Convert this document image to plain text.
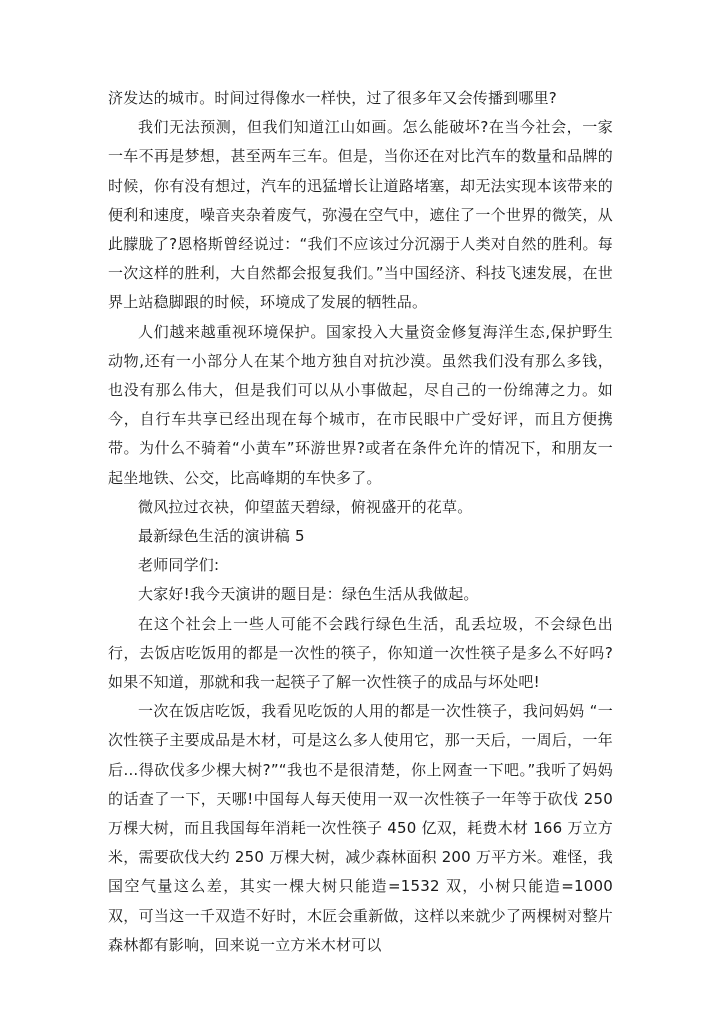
济发达的城市。时间过得像水一样快，过了很多年又会传播到哪里?

我们无法预测，但我们知道江山如画。怎么能破坏?在当今社会，一家一车不再是梦想，甚至两车三车。但是，当你还在对比汽车的数量和品牌的时候，你有没有想过，汽车的迅猛增长让道路堵塞，却无法实现本该带来的便利和速度，噪音夹杂着废气，弥漫在空气中，遮住了一个世界的微笑，从此朦胧了?恩格斯曾经说过：“我们不应该过分沉溺于人类对自然的胜利。每一次这样的胜利，大自然都会报复我们。”当中国经济、科技飞速发展，在世界上站稳脚跟的时候，环境成了发展的牺牲品。

人们越来越重视环境保护。国家投入大量资金修复海洋生态,保护野生动物,还有一小部分人在某个地方独自对抗沙漠。虽然我们没有那么多钱，也没有那么伟大，但是我们可以从小事做起，尽自己的一份绵薄之力。如今，自行车共享已经出现在每个城市，在市民眼中广受好评，而且方便携带。为什么不骑着“小黄车”环游世界?或者在条件允许的情况下，和朋友一起坐地铁、公交，比高峰期的车快多了。

微风拉过衣袂，仰望蓝天碧绿，俯视盛开的花草。

最新绿色生活的演讲稿 5

老师同学们:

大家好!我今天演讲的题目是：绿色生活从我做起。

在这个社会上一些人可能不会践行绿色生活，乱丢垃圾，不会绿色出行，去饭店吃饭用的都是一次性的筷子，你知道一次性筷子是多么不好吗?如果不知道，那就和我一起筷子了解一次性筷子的成品与坏处吧!

一次在饭店吃饭，我看见吃饭的人用的都是一次性筷子，我问妈妈 “一次性筷子主要成品是木材，可是这么多人使用它，那一天后，一周后，一年后...得砍伐多少棵大树?”“我也不是很清楚，你上网查一下吧。”我听了妈妈的话查了一下，天哪!中国每人每天使用一双一次性筷子一年等于砍伐 250 万棵大树，而且我国每年消耗一次性筷子 450 亿双，耗费木材 166 万立方米，需要砍伐大约 250 万棵大树，减少森林面积 200 万平方米。难怪，我国空气量这么差，其实一棵大树只能造=1532 双，小树只能造=1000 双，可当这一千双造不好时，木匠会重新做，这样以来就少了两棵树对整片森林都有影响，回来说一立方米木材可以
